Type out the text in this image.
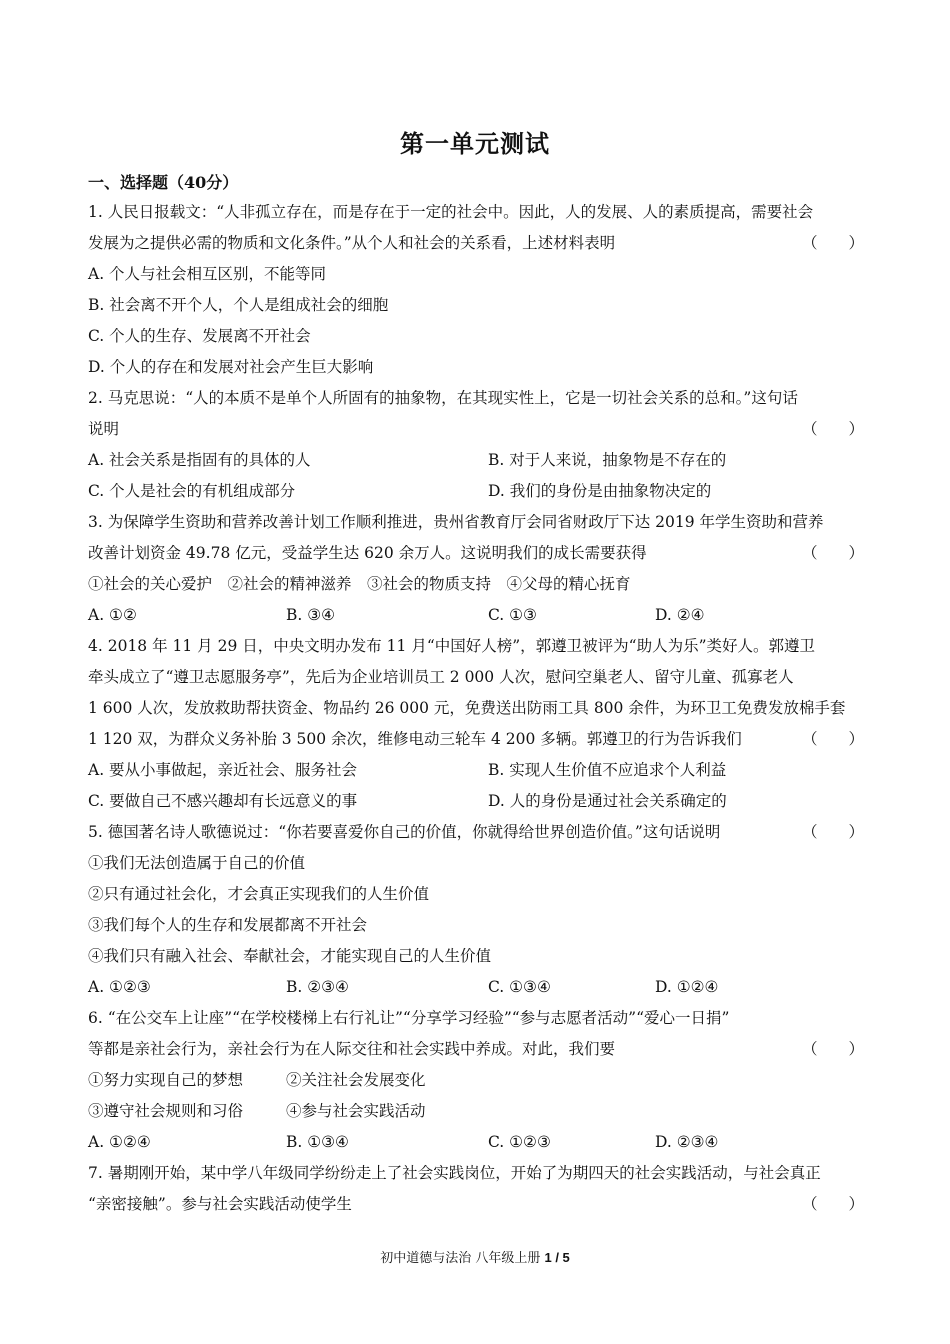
第一单元测试
一、选择题（40分）
1. 人民日报载文：“人非孤立存在，而是存在于一定的社会中。因此，人的发展、人的素质提高，需要社会
发展为之提供必需的物质和文化条件。”从个人和社会的关系看，上述材料表明	（　　）
A. 个人与社会相互区别，不能等同
B. 社会离不开个人，个人是组成社会的细胞
C. 个人的生存、发展离不开社会
D. 个人的存在和发展对社会产生巨大影响
2. 马克思说：“人的本质不是单个人所固有的抽象物，在其现实性上，它是一切社会关系的总和。”这句话
说明	（　　）
A. 社会关系是指固有的具体的人	B. 对于人来说，抽象物是不存在的
C. 个人是社会的有机组成部分	D. 我们的身份是由抽象物决定的
3. 为保障学生资助和营养改善计划工作顺利推进，贵州省教育厅会同省财政厅下达 2019 年学生资助和营养
改善计划资金 49.78 亿元，受益学生达 620 余万人。这说明我们的成长需要获得	（　　）
①社会的关心爱护　②社会的精神滋养　③社会的物质支持　④父母的精心抚育
A. ①②	B. ③④	C. ①③	D. ②④
4. 2018 年 11 月 29 日，中央文明办发布 11 月“中国好人榜”，郭遵卫被评为“助人为乐”类好人。郭遵卫
牵头成立了“遵卫志愿服务亭”，先后为企业培训员工 2 000 人次，慰问空巢老人、留守儿童、孤寡老人
1 600 人次，发放救助帮扶资金、物品约 26 000 元，免费送出防雨工具 800 余件，为环卫工免费发放棉手套
1 120 双，为群众义务补胎 3 500 余次，维修电动三轮车 4 200 多辆。郭遵卫的行为告诉我们	（　　）
A. 要从小事做起，亲近社会、服务社会	B. 实现人生价值不应追求个人利益
C. 要做自己不感兴趣却有长远意义的事	D. 人的身份是通过社会关系确定的
5. 德国著名诗人歌德说过：“你若要喜爱你自己的价值，你就得给世界创造价值。”这句话说明	（　　）
①我们无法创造属于自己的价值
②只有通过社会化，才会真正实现我们的人生价值
③我们每个人的生存和发展都离不开社会
④我们只有融入社会、奉献社会，才能实现自己的人生价值
A. ①②③	B. ②③④	C. ①③④	D. ①②④
6. “在公交车上让座”“在学校楼梯上右行礼让”“分享学习经验”“参与志愿者活动”“爱心一日捐”
等都是亲社会行为，亲社会行为在人际交往和社会实践中养成。对此，我们要	（　　）
①努力实现自己的梦想	②关注社会发展变化
③遵守社会规则和习俗	④参与社会实践活动
A. ①②④	B. ①③④	C. ①②③	D. ②③④
7. 暑期刚开始，某中学八年级同学纷纷走上了社会实践岗位，开始了为期四天的社会实践活动，与社会真正
“亲密接触”。参与社会实践活动使学生	（　　）
初中道德与法治 八年级上册 1 / 5
